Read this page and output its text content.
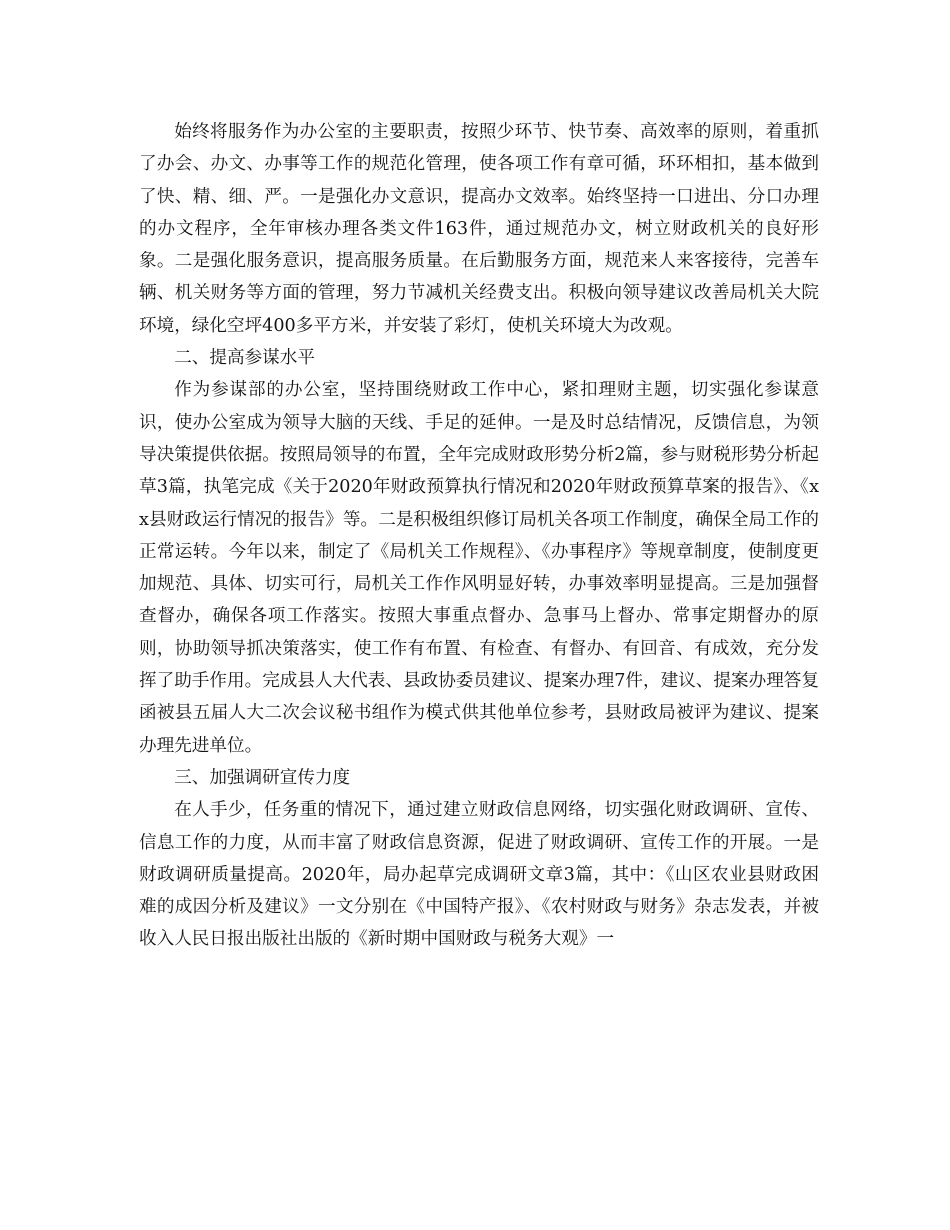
始终将服务作为办公室的主要职责，按照少环节、快节奏、高效率的原则，着重抓了办会、办文、办事等工作的规范化管理，使各项工作有章可循，环环相扣，基本做到了快、精、细、严。一是强化办文意识，提高办文效率。始终坚持一口进出、分口办理的办文程序，全年审核办理各类文件163件，通过规范办文，树立财政机关的良好形象。二是强化服务意识，提高服务质量。在后勤服务方面，规范来人来客接待，完善车辆、机关财务等方面的管理，努力节减机关经费支出。积极向领导建议改善局机关大院环境，绿化空坪400多平方米，并安装了彩灯，使机关环境大为改观。

二、提高参谋水平

作为参谋部的办公室，坚持围绕财政工作中心，紧扣理财主题，切实强化参谋意识，使办公室成为领导大脑的天线、手足的延伸。一是及时总结情况，反馈信息，为领导决策提供依据。按照局领导的布置，全年完成财政形势分析2篇，参与财税形势分析起草3篇，执笔完成《关于2020年财政预算执行情况和2020年财政预算草案的报告》、《xx县财政运行情况的报告》等。二是积极组织修订局机关各项工作制度，确保全局工作的正常运转。今年以来，制定了《局机关工作规程》、《办事程序》等规章制度，使制度更加规范、具体、切实可行，局机关工作作风明显好转，办事效率明显提高。三是加强督查督办，确保各项工作落实。按照大事重点督办、急事马上督办、常事定期督办的原则，协助领导抓决策落实，使工作有布置、有检查、有督办、有回音、有成效，充分发挥了助手作用。完成县人大代表、县政协委员建议、提案办理7件，建议、提案办理答复函被县五届人大二次会议秘书组作为模式供其他单位参考，县财政局被评为建议、提案办理先进单位。

三、加强调研宣传力度

在人手少，任务重的情况下，通过建立财政信息网络，切实强化财政调研、宣传、信息工作的力度，从而丰富了财政信息资源，促进了财政调研、宣传工作的开展。一是财政调研质量提高。2020年，局办起草完成调研文章3篇，其中：《山区农业县财政困难的成因分析及建议》一文分别在《中国特产报》、《农村财政与财务》杂志发表，并被收入人民日报出版社出版的《新时期中国财政与税务大观》一
